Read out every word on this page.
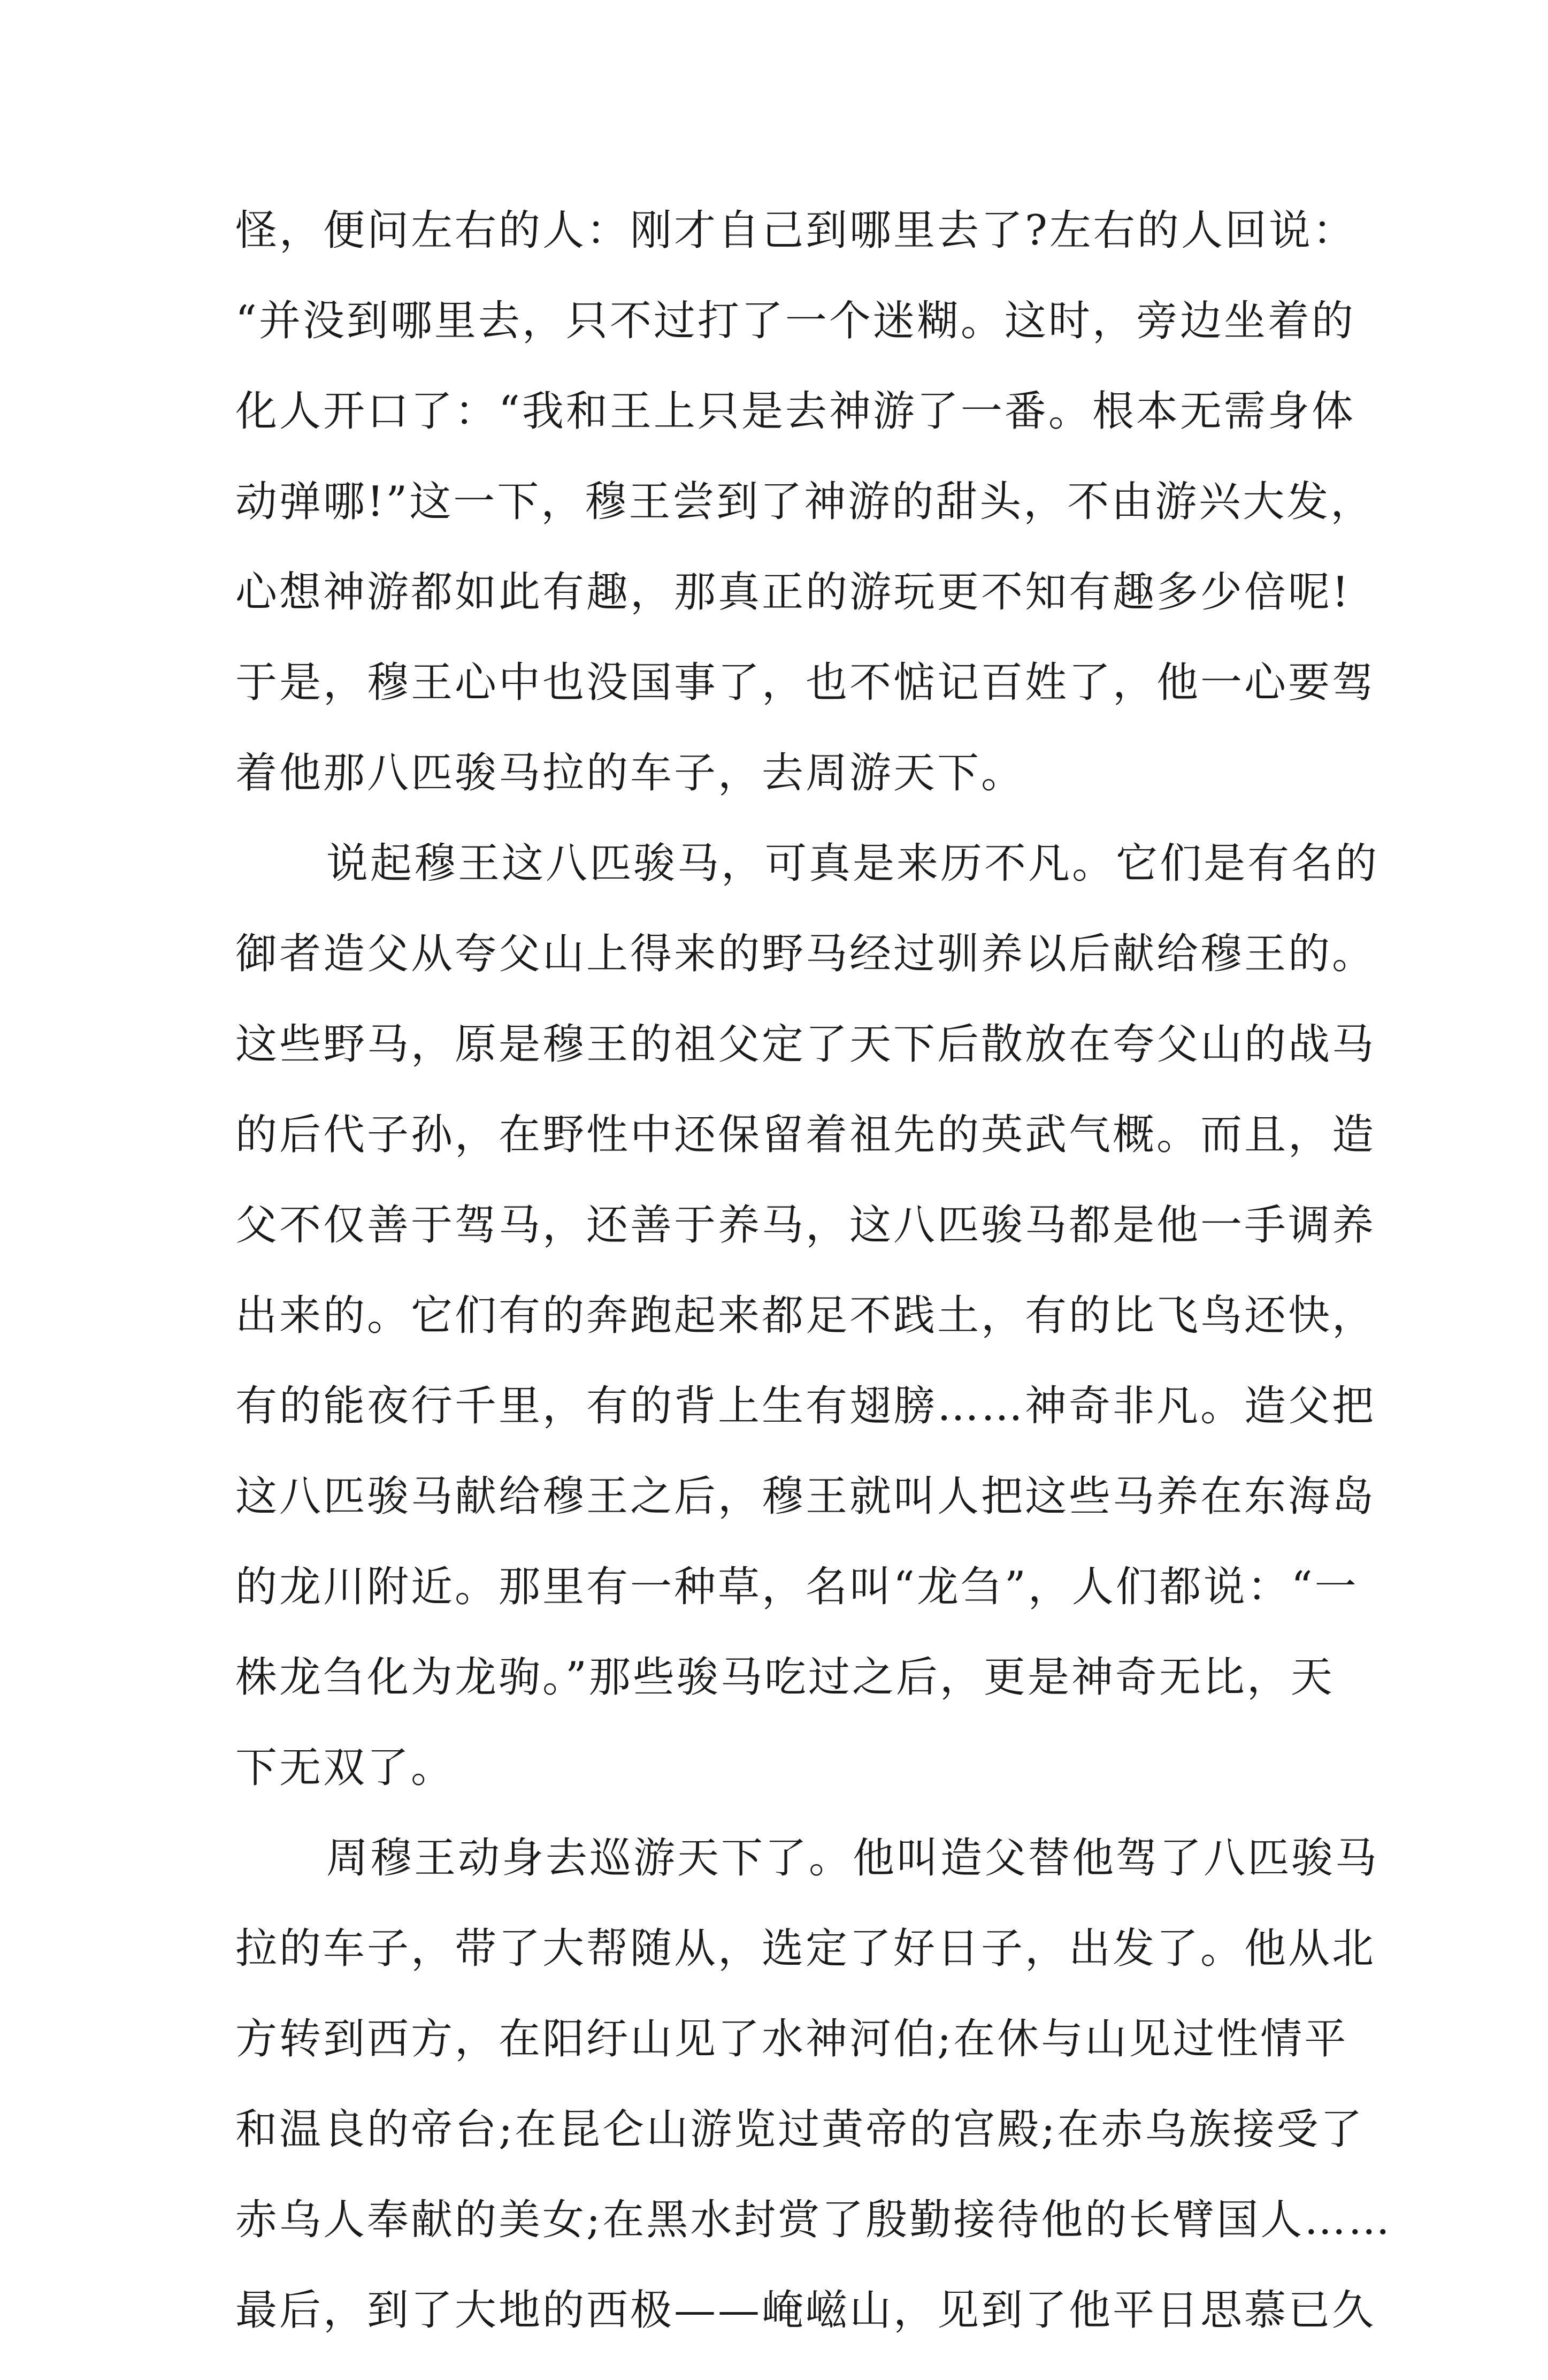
怪，便问左右的人：刚才自己到哪里去了?左右的人回说：
“并没到哪里去，只不过打了一个迷糊。这时，旁边坐着的
化人开口了：“我和王上只是去神游了一番。根本无需身体
动弹哪!”这一下，穆王尝到了神游的甜头，不由游兴大发，
心想神游都如此有趣，那真正的游玩更不知有趣多少倍呢!
于是，穆王心中也没国事了，也不惦记百姓了，他一心要驾
着他那八匹骏马拉的车子，去周游天下。
说起穆王这八匹骏马，可真是来历不凡。它们是有名的
御者造父从夸父山上得来的野马经过驯养以后献给穆王的。
这些野马，原是穆王的祖父定了天下后散放在夸父山的战马
的后代子孙，在野性中还保留着祖先的英武气概。而且，造
父不仅善于驾马，还善于养马，这八匹骏马都是他一手调养
出来的。它们有的奔跑起来都足不践土，有的比飞鸟还快，
有的能夜行千里，有的背上生有翅膀……神奇非凡。造父把
这八匹骏马献给穆王之后，穆王就叫人把这些马养在东海岛
的龙川附近。那里有一种草，名叫“龙刍”，人们都说：“一
株龙刍化为龙驹。”那些骏马吃过之后，更是神奇无比，天
下无双了。
周穆王动身去巡游天下了。他叫造父替他驾了八匹骏马
拉的车子，带了大帮随从，选定了好日子，出发了。他从北
方转到西方，在阳纡山见了水神河伯;在休与山见过性情平
和温良的帝台;在昆仑山游览过黄帝的宫殿;在赤乌族接受了
赤乌人奉献的美女;在黑水封赏了殷勤接待他的长臂国人……
最后，到了大地的西极——崦嵫山，见到了他平日思慕已久
